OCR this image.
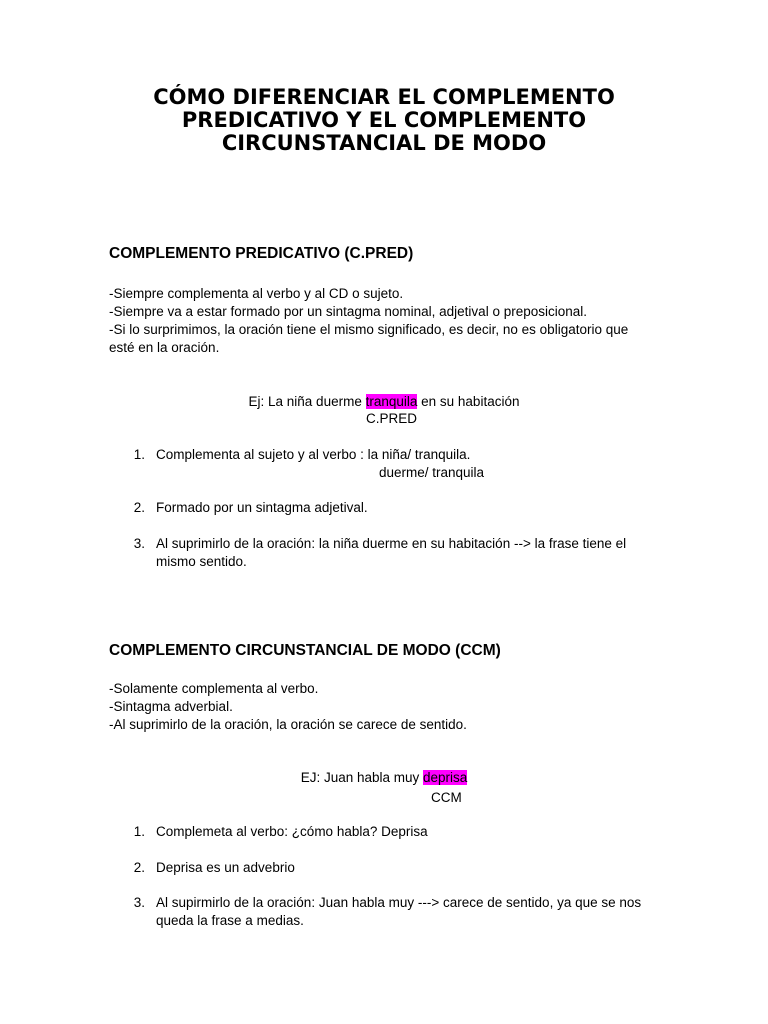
CÓMO DIFERENCIAR EL COMPLEMENTO
PREDICATIVO Y EL COMPLEMENTO
CIRCUNSTANCIAL DE MODO
COMPLEMENTO PREDICATIVO (C.PRED)
-Siempre complementa al verbo y al CD o sujeto.
-Siempre va a estar formado por un sintagma nominal, adjetival o preposicional.
-Si lo surprimimos, la oración tiene el mismo significado, es decir, no es obligatorio que
esté en la oración.
Ej: La niña duerme tranquila en su habitación
C.PRED
1. Complementa al sujeto y al verbo : la niña/ tranquila.
duerme/ tranquila
2. Formado por un sintagma adjetival.
3. Al suprimirlo de la oración: la niña duerme en su habitación --> la frase tiene el
mismo sentido.
COMPLEMENTO CIRCUNSTANCIAL DE MODO (CCM)
-Solamente complementa al verbo.
-Sintagma adverbial.
-Al suprimirlo de la oración, la oración se carece de sentido.
EJ: Juan habla muy deprisa
CCM
1. Complemeta al verbo: ¿cómo habla? Deprisa
2. Deprisa es un advebrio
3. Al supirmirlo de la oración: Juan habla muy ---> carece de sentido, ya que se nos
queda la frase a medias.
